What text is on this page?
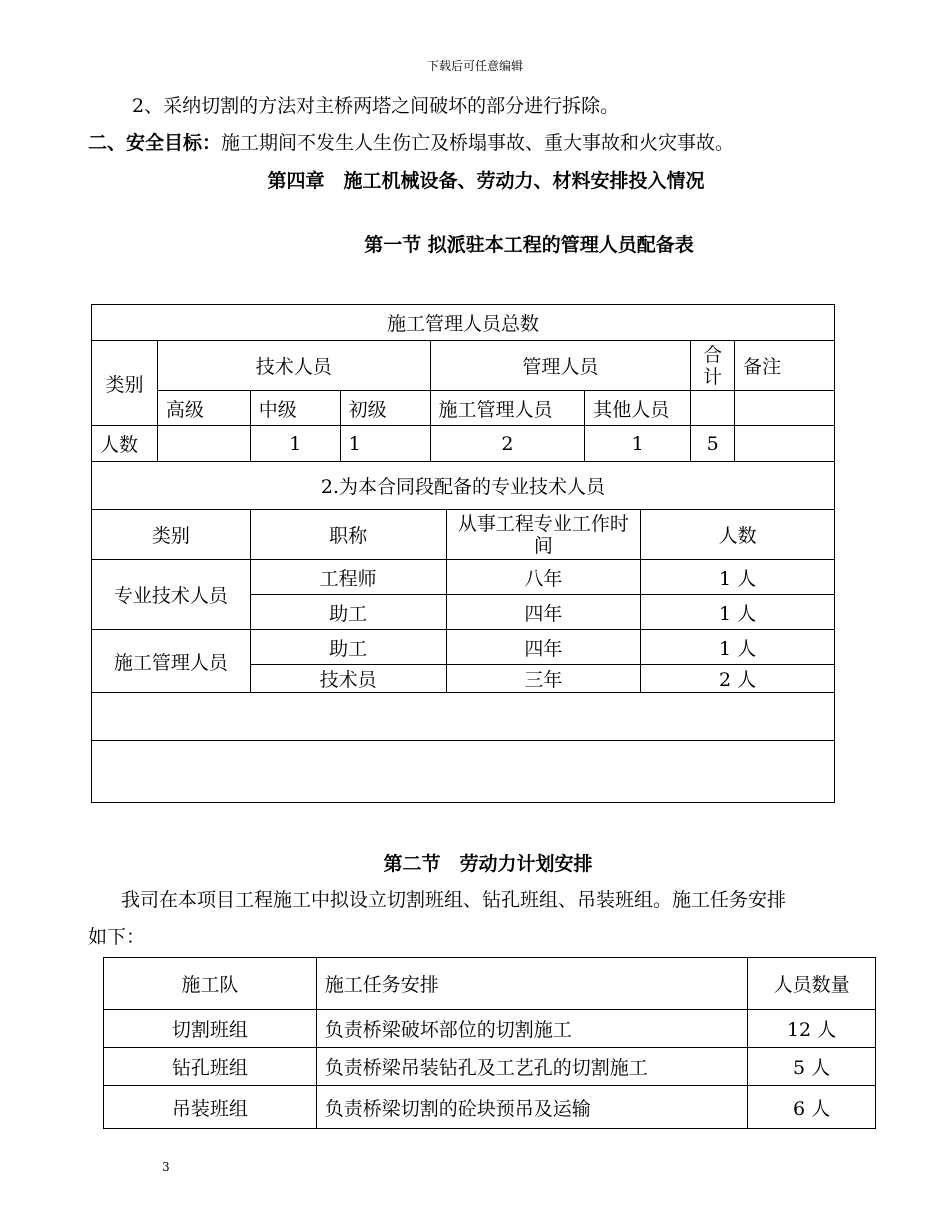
下载后可任意编辑
2、采纳切割的方法对主桥两塔之间破坏的部分进行拆除。
二、安全目标：施工期间不发生人生伤亡及桥塌事故、重大事故和火灾事故。
第四章　施工机械设备、劳动力、材料安排投入情况
第一节 拟派驻本工程的管理人员配备表
施工管理人员总数							
类别	技术人员			管理人员		合计	备注
	高级	中级	初级	施工管理人员	其他人员		
人数		1	1	2	1	5	
2.为本合同段配备的专业技术人员							
类别	职称	从事工程专业工作时间	人数
专业技术人员	工程师	八年	1 人
	助工	四年	1 人
施工管理人员	助工	四年	1 人
	技术员	三年	2 人

第二节　劳动力计划安排
我司在本项目工程施工中拟设立切割班组、钻孔班组、吊装班组。施工任务安排
如下：
施工队	施工任务安排	人员数量
切割班组	负责桥梁破坏部位的切割施工	12 人
钻孔班组	负责桥梁吊装钻孔及工艺孔的切割施工	5 人
吊装班组	负责桥梁切割的砼块预吊及运输	6 人
3
